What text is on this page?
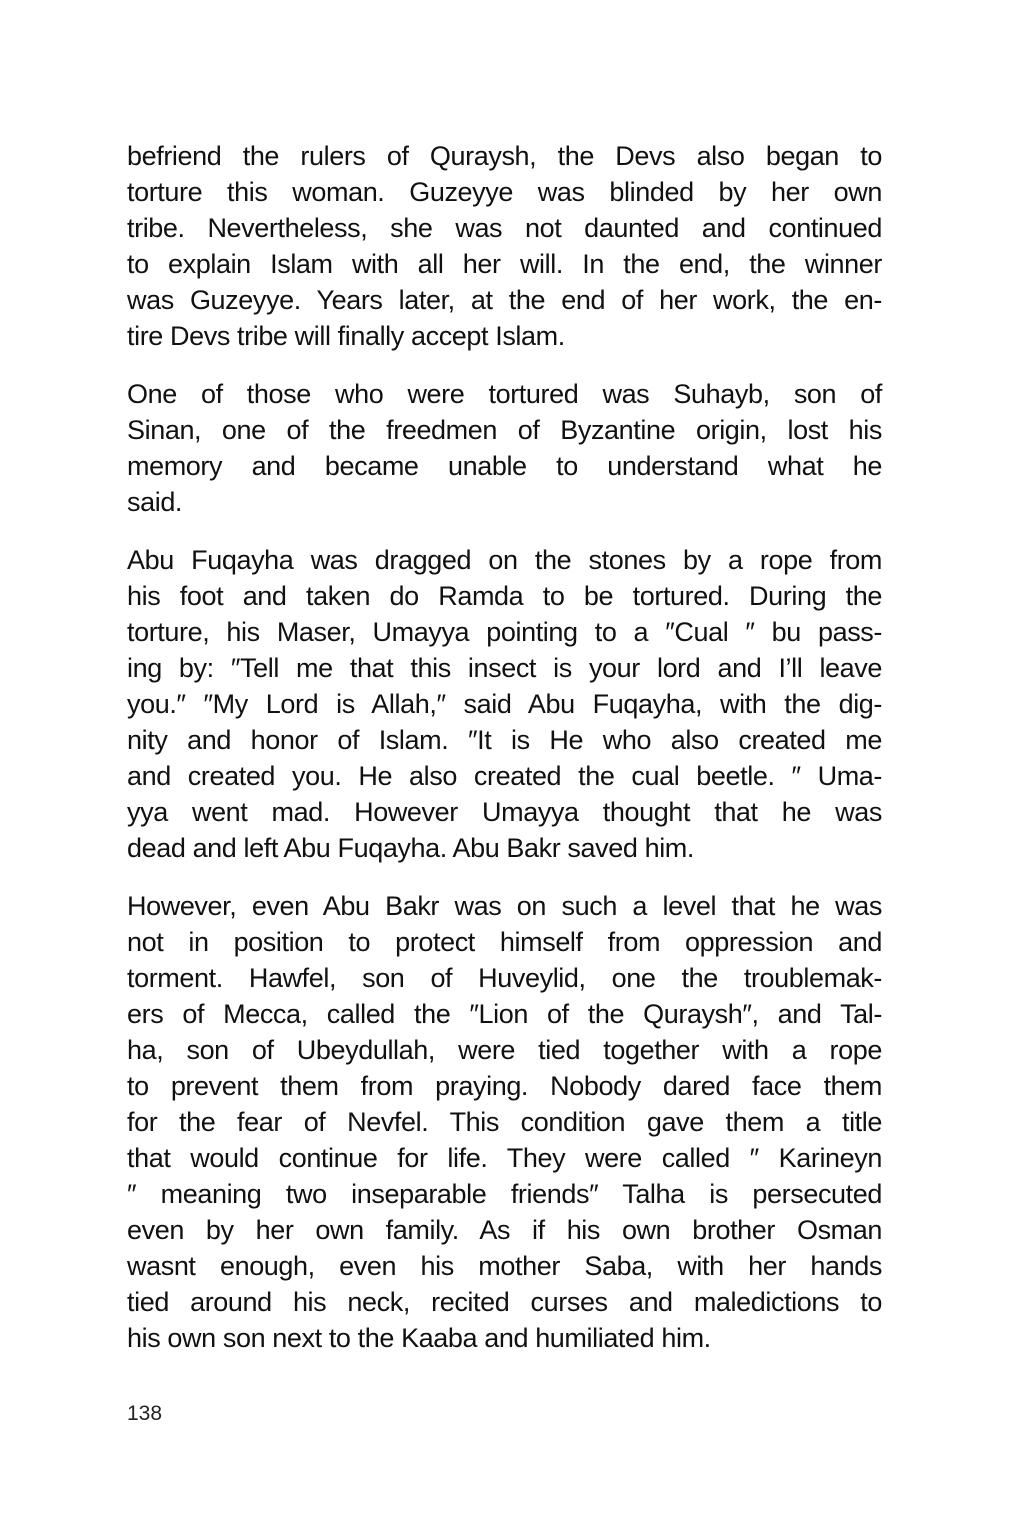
befriend the rulers of Quraysh, the Devs also began to
torture this woman. Guzeyye was blinded by her own
tribe. Nevertheless, she was not daunted and continued
to explain Islam with all her will. In the end, the winner
was Guzeyye. Years later, at the end of her work, the en-
tire Devs tribe will finally accept Islam.
One of those who were tortured was Suhayb, son of
Sinan, one of the freedmen of Byzantine origin, lost his
memory and became unable to understand what he
said.
Abu Fuqayha was dragged on the stones by a rope from
his foot and taken do Ramda to be tortured. During the
torture, his Maser, Umayya pointing to a ″Cual ″ bu pass-
ing by: ″Tell me that this insect is your lord and I’ll leave
you.″ ″My Lord is Allah,″ said Abu Fuqayha, with the dig-
nity and honor of Islam. ″It is He who also created me
and created you. He also created the cual beetle. ″ Uma-
yya went mad. However Umayya thought that he was
dead and left Abu Fuqayha. Abu Bakr saved him.
However, even Abu Bakr was on such a level that he was
not in position to protect himself from oppression and
torment. Hawfel, son of Huveylid, one the troublemak-
ers of Mecca, called the ″Lion of the Quraysh″, and Tal-
ha, son of Ubeydullah, were tied together with a rope
to prevent them from praying. Nobody dared face them
for the fear of Nevfel. This condition gave them a title
that would continue for life. They were called ″ Karineyn
″ meaning two inseparable friends″ Talha is persecuted
even by her own family. As if his own brother Osman
wasnt enough, even his mother Saba, with her hands
tied around his neck, recited curses and maledictions to
his own son next to the Kaaba and humiliated him.
138
